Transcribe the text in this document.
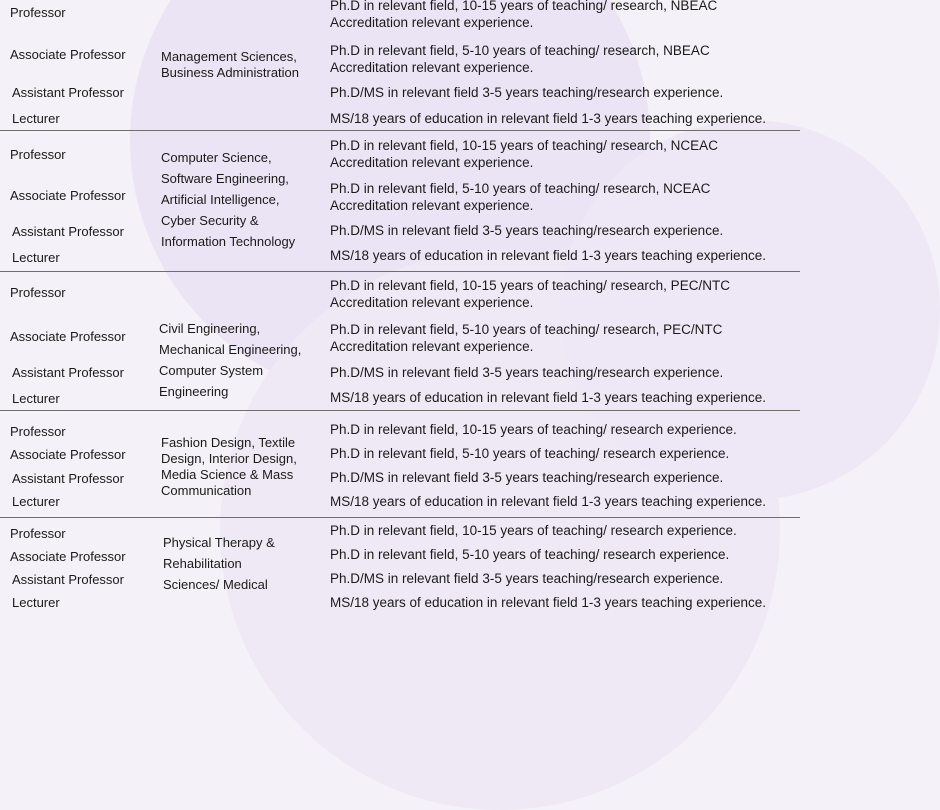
Professor
Associate Professor
Assistant Professor
Lecturer
Management Sciences, Business Administration
Ph.D in relevant field, 10-15 years of teaching/ research, NBEAC Accreditation relevant experience.
Ph.D in relevant field, 5-10 years of teaching/ research, NBEAC Accreditation relevant experience.
Ph.D/MS in relevant field 3-5 years teaching/research experience.
MS/18 years of education in relevant field 1-3 years teaching experience.
Professor
Associate Professor
Assistant Professor
Lecturer
Computer Science, Software Engineering, Artificial Intelligence, Cyber Security & Information Technology
Ph.D in relevant field, 10-15 years of teaching/ research, NCEAC Accreditation relevant experience.
Ph.D in relevant field, 5-10 years of teaching/ research, NCEAC Accreditation relevant experience.
Ph.D/MS in relevant field 3-5 years teaching/research experience.
MS/18 years of education in relevant field 1-3 years teaching experience.
Professor
Associate Professor
Assistant Professor
Lecturer
Civil Engineering, Mechanical Engineering, Computer System Engineering
Ph.D in relevant field, 10-15 years of teaching/ research, PEC/NTC Accreditation relevant experience.
Ph.D in relevant field, 5-10 years of teaching/ research, PEC/NTC Accreditation relevant experience.
Ph.D/MS in relevant field 3-5 years teaching/research experience.
MS/18 years of education in relevant field 1-3 years teaching experience.
Professor
Associate Professor
Assistant Professor
Lecturer
Fashion Design, Textile Design, Interior Design, Media Science & Mass Communication
Ph.D in relevant field, 10-15 years of teaching/ research experience.
Ph.D in relevant field, 5-10 years of teaching/ research experience.
Ph.D/MS in relevant field 3-5 years teaching/research experience.
MS/18 years of education in relevant field 1-3 years teaching experience.
Professor
Associate Professor
Assistant Professor
Lecturer
Physical Therapy & Rehabilitation Sciences/ Medical
Ph.D in relevant field, 10-15 years of teaching/ research experience.
Ph.D in relevant field, 5-10 years of teaching/ research experience.
Ph.D/MS in relevant field 3-5 years teaching/research experience.
MS/18 years of education in relevant field 1-3 years teaching experience.
